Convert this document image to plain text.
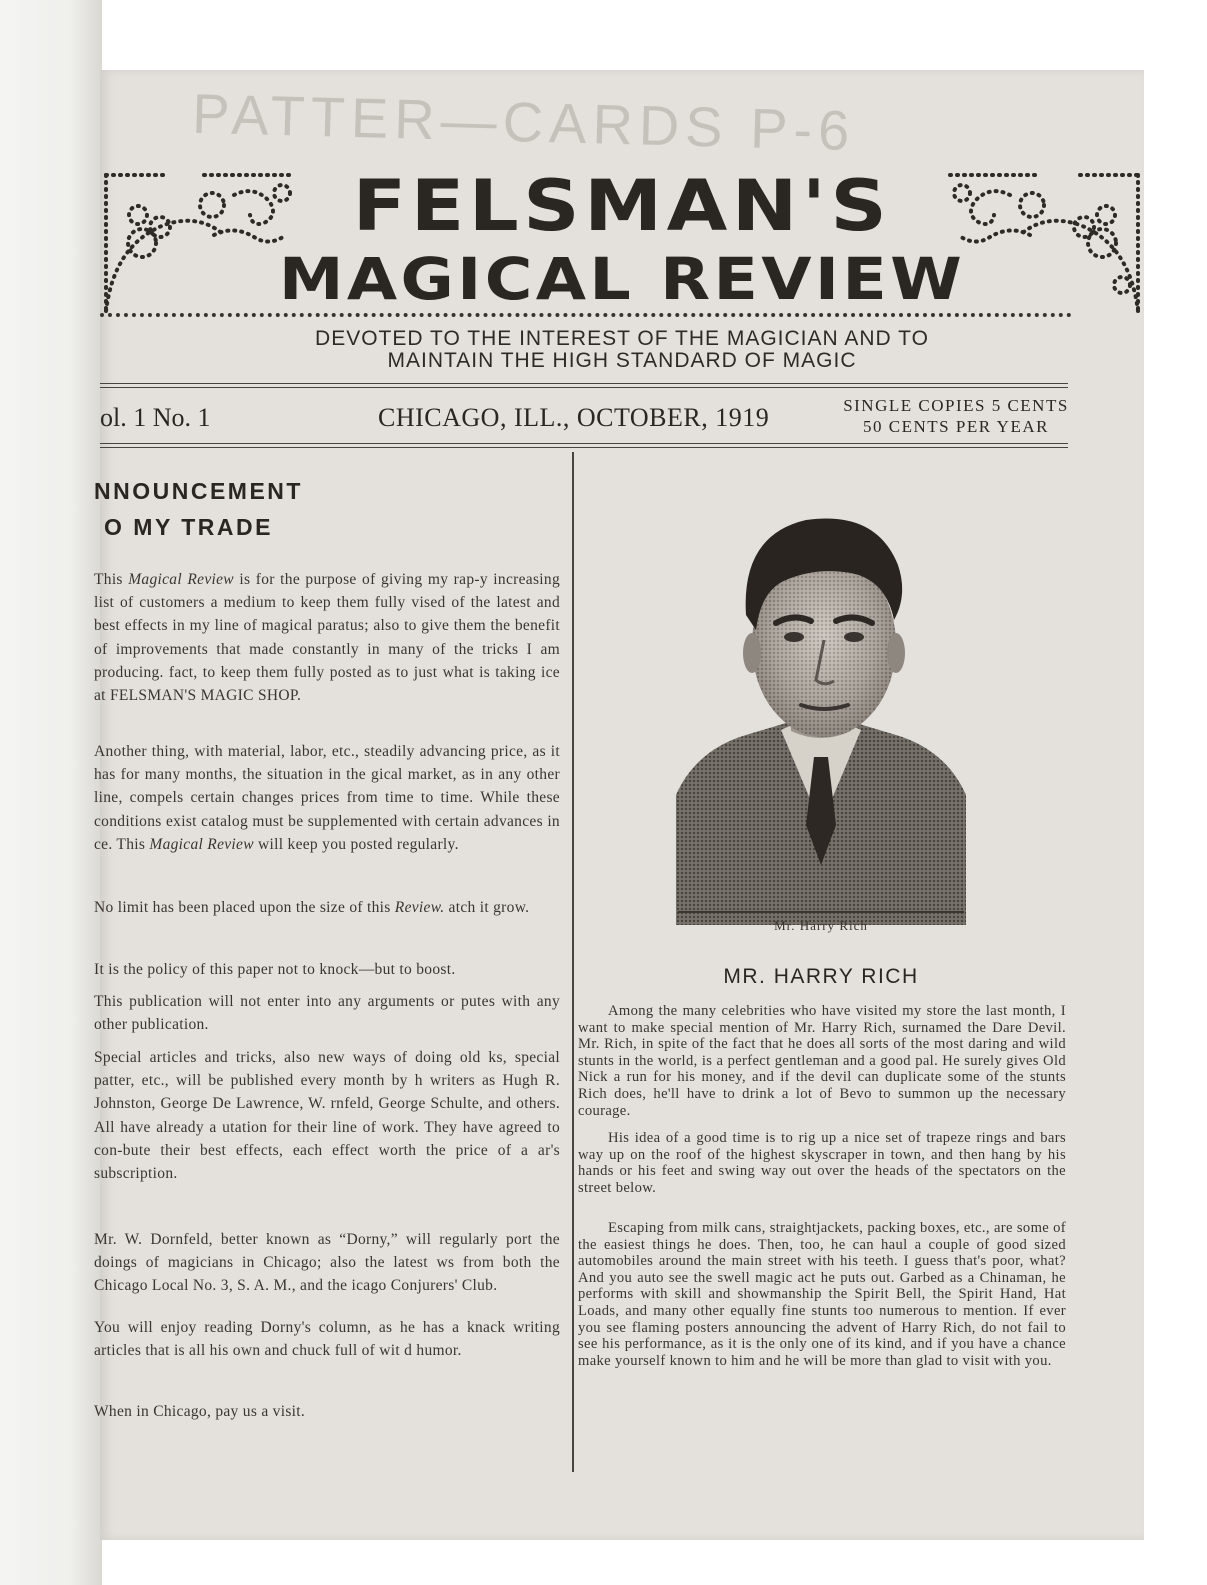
PATTER—CARDS P-6
FELSMAN'S
MAGICAL REVIEW
DEVOTED TO THE INTEREST OF THE MAGICIAN AND TO
MAINTAIN THE HIGH STANDARD OF MAGIC
ol. 1 No. 1	CHICAGO, ILL., OCTOBER, 1919	SINGLE COPIES 5 CENTS
50 CENTS PER YEAR
NNOUNCEMENT
O MY TRADE
This Magical Review is for the purpose of giving my rap-y increasing list of customers a medium to keep them fully vised of the latest and best effects in my line of magical paratus; also to give them the benefit of improvements that made constantly in many of the tricks I am producing. fact, to keep them fully posted as to just what is taking ice at FELSMAN'S MAGIC SHOP.
Another thing, with material, labor, etc., steadily advancing price, as it has for many months, the situation in the gical market, as in any other line, compels certain changes prices from time to time. While these conditions exist catalog must be supplemented with certain advances in ce. This Magical Review will keep you posted regularly.
No limit has been placed upon the size of this Review. atch it grow.
It is the policy of this paper not to knock—but to boost.
This publication will not enter into any arguments or putes with any other publication.
Special articles and tricks, also new ways of doing old ks, special patter, etc., will be published every month by h writers as Hugh R. Johnston, George De Lawrence, W. rnfeld, George Schulte, and others. All have already a utation for their line of work. They have agreed to con-bute their best effects, each effect worth the price of a ar's subscription.
Mr. W. Dornfeld, better known as “Dorny,” will regularly port the doings of magicians in Chicago; also the latest ws from both the Chicago Local No. 3, S. A. M., and the icago Conjurers' Club.
You will enjoy reading Dorny's column, as he has a knack writing articles that is all his own and chuck full of wit d humor.
When in Chicago, pay us a visit.
Mr. Harry Rich
MR. HARRY RICH
Among the many celebrities who have visited my store the last month, I want to make special mention of Mr. Harry Rich, surnamed the Dare Devil. Mr. Rich, in spite of the fact that he does all sorts of the most daring and wild stunts in the world, is a perfect gentleman and a good pal. He surely gives Old Nick a run for his money, and if the devil can duplicate some of the stunts Rich does, he'll have to drink a lot of Bevo to summon up the necessary courage.
His idea of a good time is to rig up a nice set of trapeze rings and bars way up on the roof of the highest skyscraper in town, and then hang by his hands or his feet and swing way out over the heads of the spectators on the street below.
Escaping from milk cans, straightjackets, packing boxes, etc., are some of the easiest things he does. Then, too, he can haul a couple of good sized automobiles around the main street with his teeth. I guess that's poor, what? And you auto see the swell magic act he puts out. Garbed as a Chinaman, he performs with skill and showmanship the Spirit Bell, the Spirit Hand, Hat Loads, and many other equally fine stunts too numerous to mention. If ever you see flaming posters announcing the advent of Harry Rich, do not fail to see his performance, as it is the only one of its kind, and if you have a chance make yourself known to him and he will be more than glad to visit with you.
